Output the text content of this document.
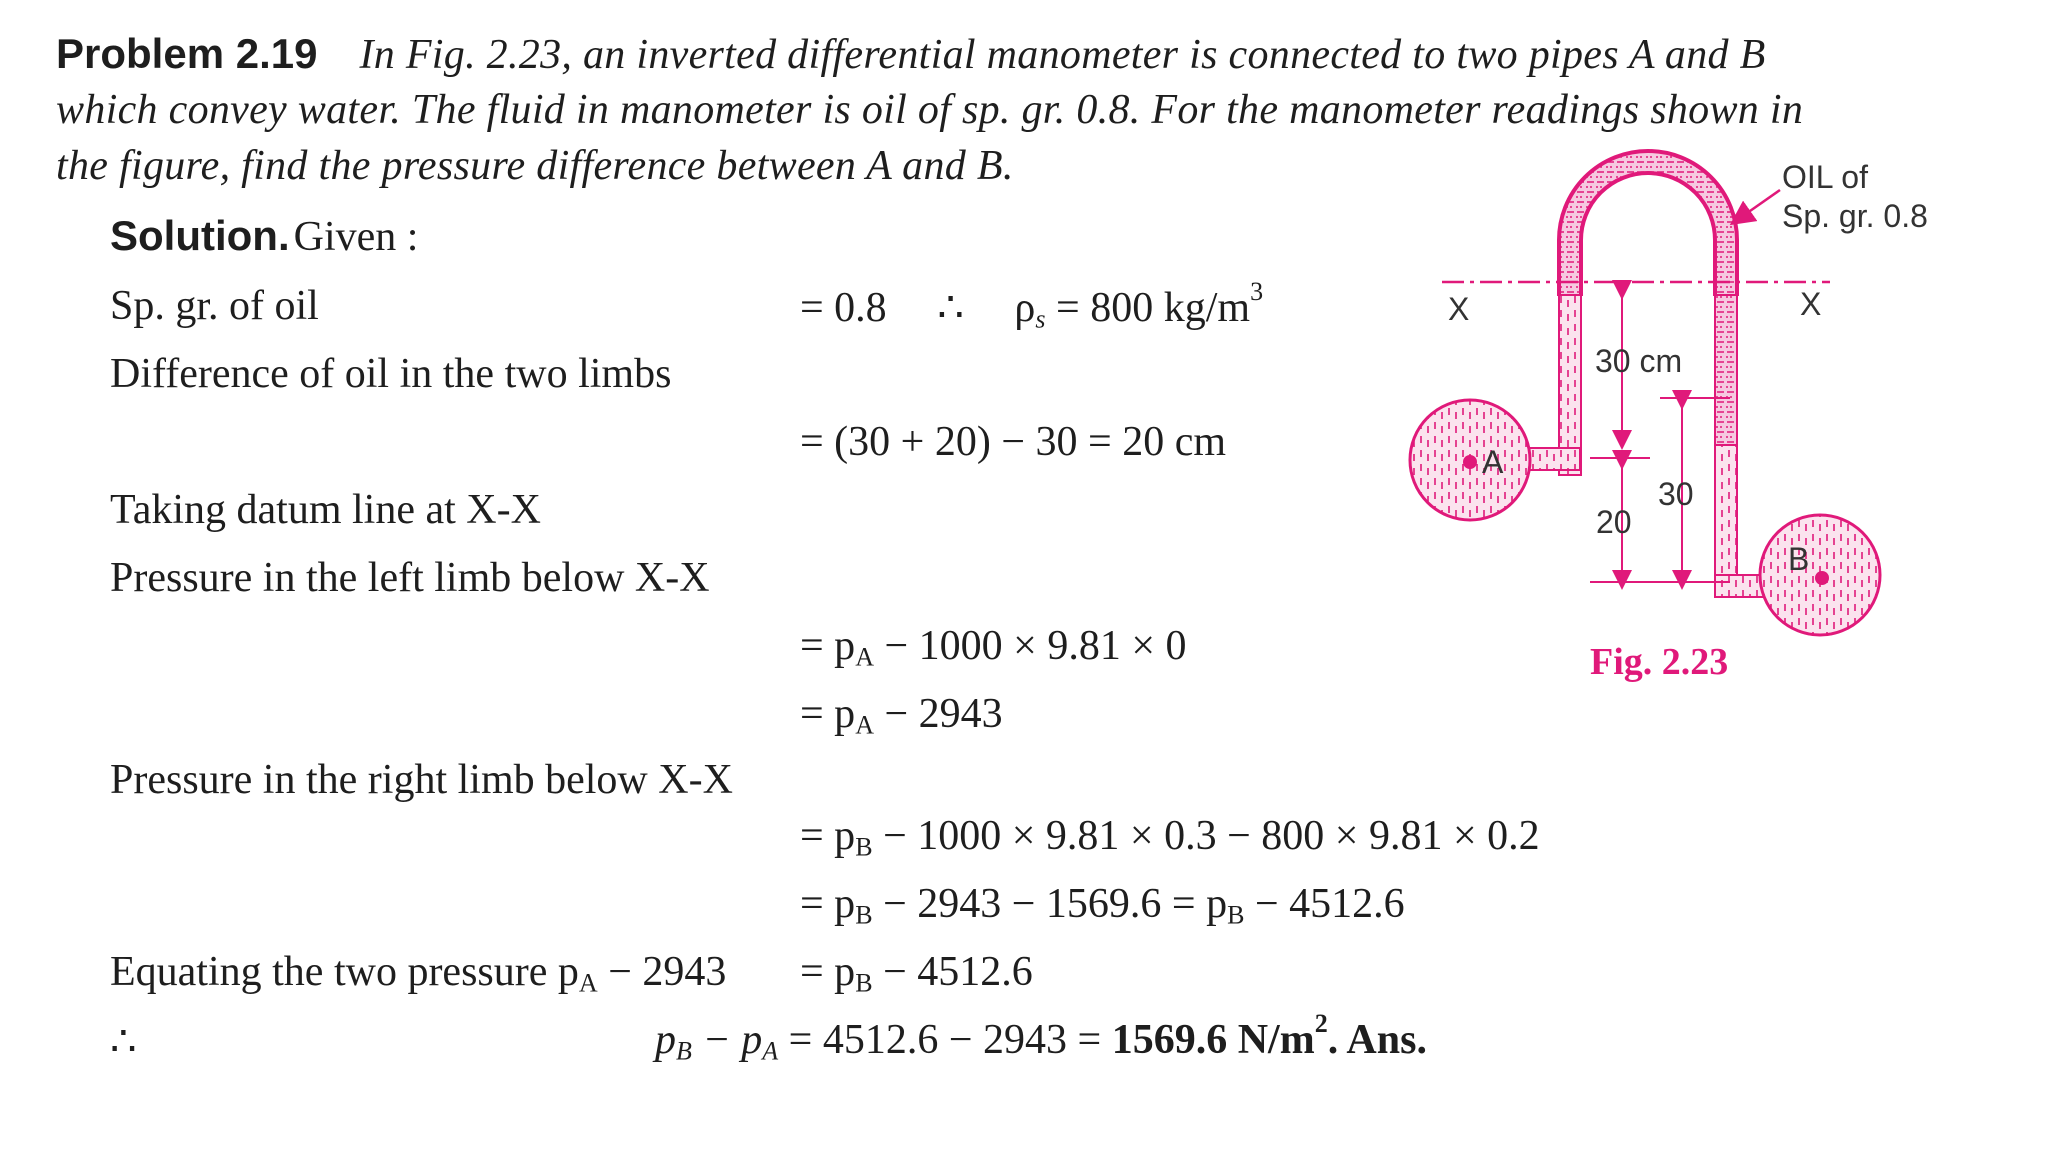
Problem 2.19 In Fig. 2.23, an inverted differential manometer is connected to two pipes A and B
which convey water. The fluid in manometer is oil of sp. gr. 0.8. For the manometer readings shown in
the figure, find the pressure difference between A and B.
Solution. Given :
Sp. gr. of oil	= 0.8 ∴ $\rho_s = 800$ $kg/m^3$
Difference of oil in the two limbs
= (30 + 20) − 30 = 20 cm
Taking datum line at X-X
Pressure in the left limb below X-X
= $p_A - 1000 \times 9.81 \times 0$
= $p_A - 2943$
Pressure in the right limb below X-X
= $p_B - 1000 \times 9.81 \times 0.3 - 800 \times 9.81 \times 0.2$
= $p_B - 2943 - 1569.6 = p_B - 4512.6$
Equating the two pressure $p_A - 2943 = p_B - 4512.6$
∴	$p_B - p_A = 4512.6 - 2943 = 1569.6$ $N/m^2$. Ans.
A
B
X	X
30 cm
20
30
OIL of
Sp. gr. 0.8
Fig. 2.23
